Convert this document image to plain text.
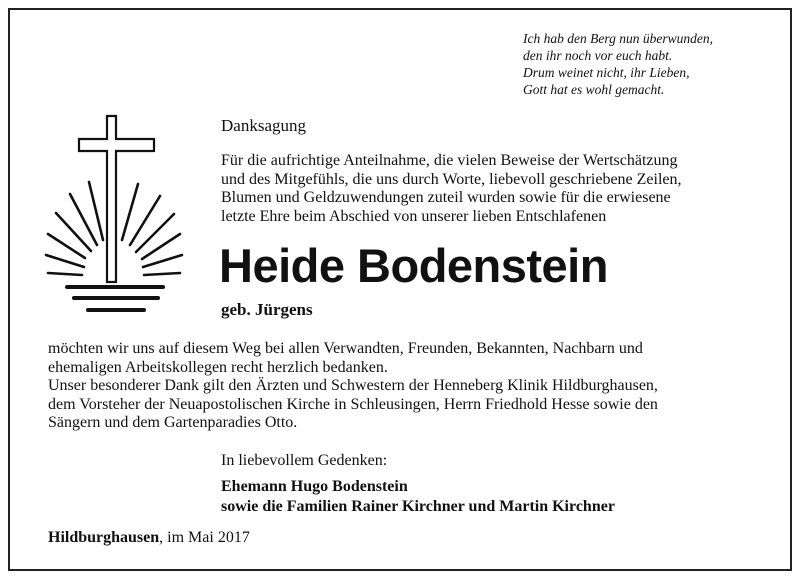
Ich hab den Berg nun überwunden,
den ihr noch vor euch habt.
Drum weinet nicht, ihr Lieben,
Gott hat es wohl gemacht.
Danksagung
Für die aufrichtige Anteilnahme, die vielen Beweise der Wertschätzung
und des Mitgefühls, die uns durch Worte, liebevoll geschriebene Zeilen,
Blumen und Geldzuwendungen zuteil wurden sowie für die erwiesene
letzte Ehre beim Abschied von unserer lieben Entschlafenen
Heide Bodenstein
geb. Jürgens
möchten wir uns auf diesem Weg bei allen Verwandten, Freunden, Bekannten, Nachbarn und
ehemaligen Arbeitskollegen recht herzlich bedanken.
Unser besonderer Dank gilt den Ärzten und Schwestern der Henneberg Klinik Hildburghausen,
dem Vorsteher der Neuapostolischen Kirche in Schleusingen, Herrn Friedhold Hesse sowie den
Sängern und dem Gartenparadies Otto.
In liebevollem Gedenken:
Ehemann Hugo Bodenstein
sowie die Familien Rainer Kirchner und Martin Kirchner
Hildburghausen, im Mai 2017
